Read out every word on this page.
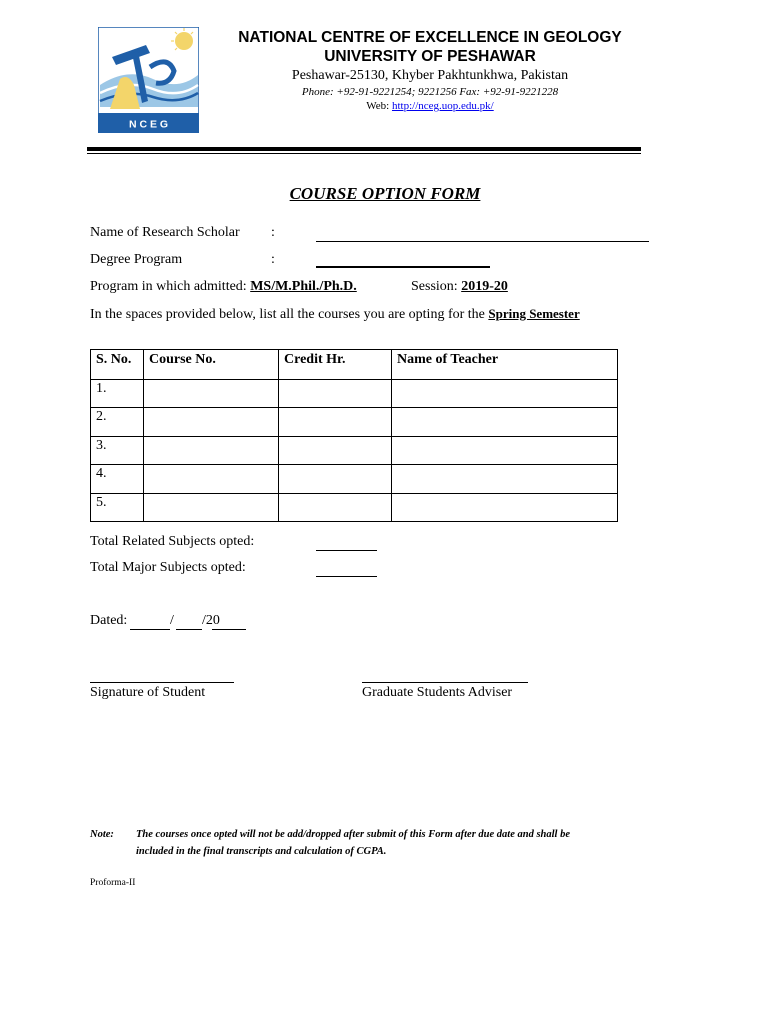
N C E G
NATIONAL CENTRE OF EXCELLENCE IN GEOLOGY
UNIVERSITY OF PESHAWAR
Peshawar-25130, Khyber Pakhtunkhwa, Pakistan
Phone: +92-91-9221254; 9221256 Fax: +92-91-9221228
Web: http://nceg.uop.edu.pk/
COURSE OPTION FORM
Name of Research Scholar :
Degree Program	:
Program in which admitted: MS/M.Phil./Ph.D.	Session: 2019-20
In the spaces provided below, list all the courses you are opting for the Spring Semester
S. No.	Course No.	Credit Hr.	Name of Teacher
1.			
2.			
3.			
4.			
5.			
Total Related Subjects opted:
Total Major Subjects opted:
Dated:	/ /20
Signature of Student	Graduate Students Adviser
Note: The courses once opted will not be add/dropped after submit of this Form after due date and shall be
included in the final transcripts and calculation of CGPA.
Proforma-II
